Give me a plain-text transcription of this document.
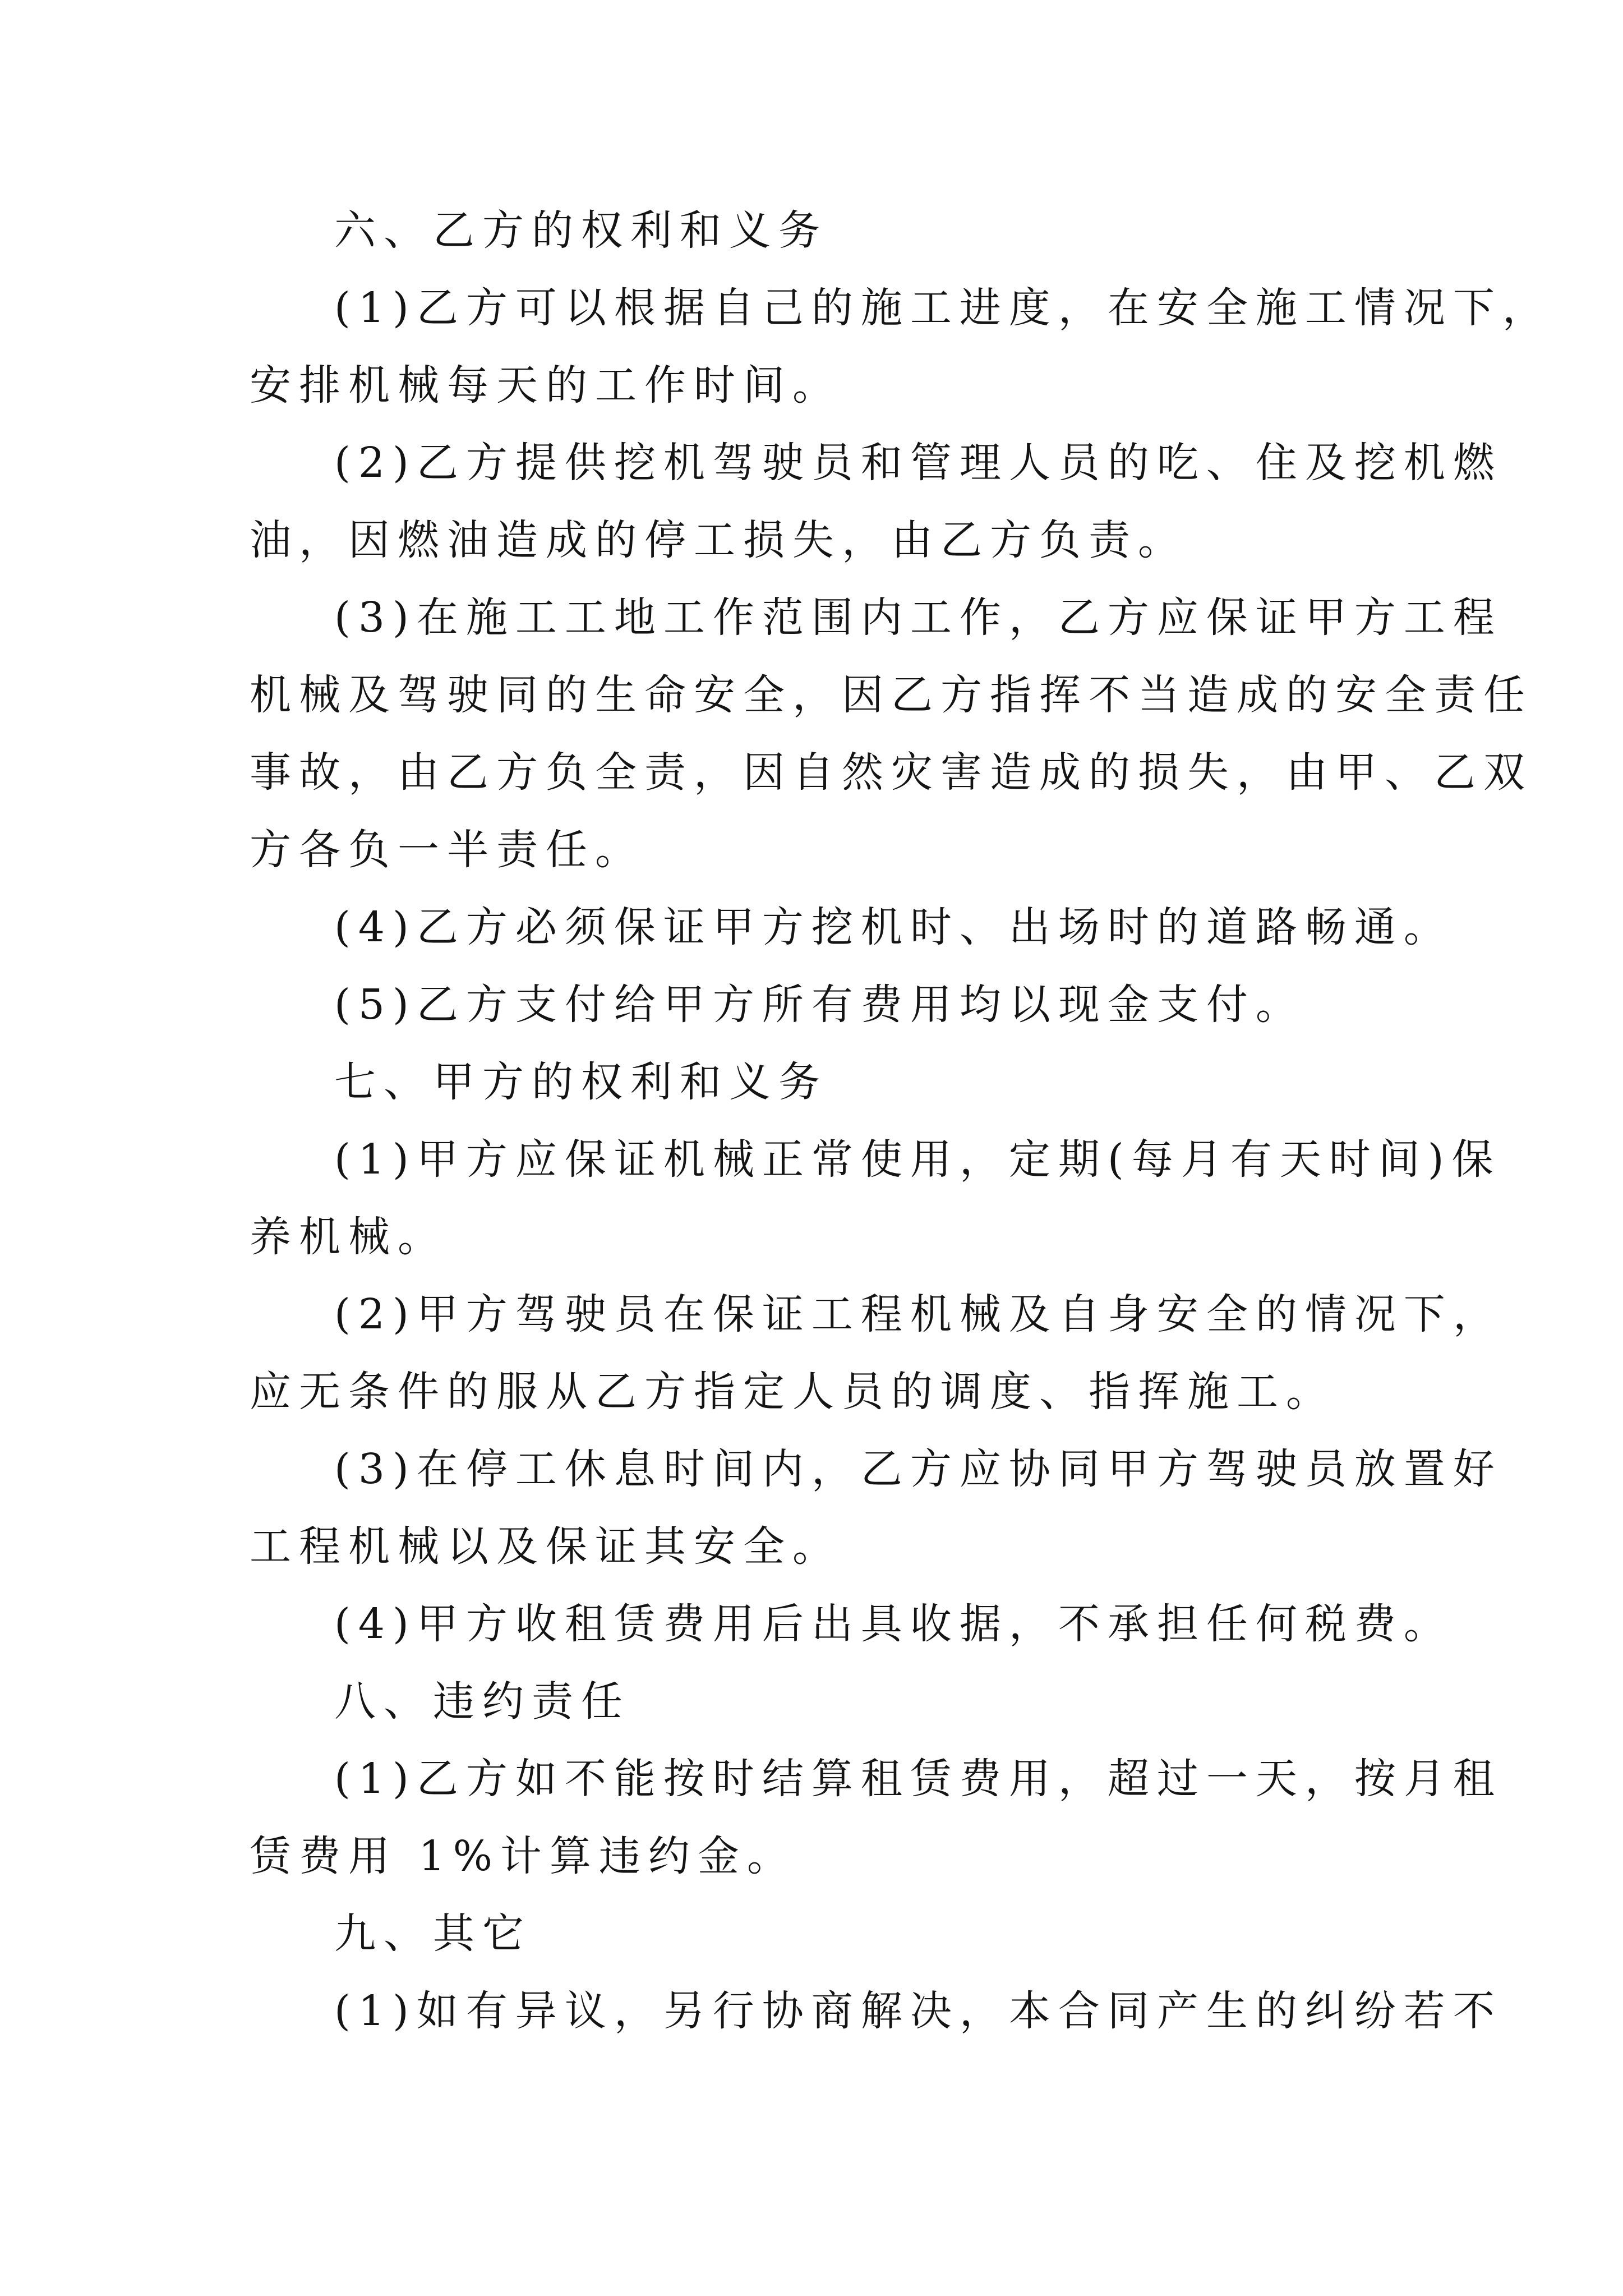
六、乙方的权利和义务
(1)乙方可以根据自己的施工进度，在安全施工情况下，
安排机械每天的工作时间。
(2)乙方提供挖机驾驶员和管理人员的吃、住及挖机燃
油，因燃油造成的停工损失，由乙方负责。
(3)在施工工地工作范围内工作，乙方应保证甲方工程
机械及驾驶同的生命安全，因乙方指挥不当造成的安全责任
事故，由乙方负全责，因自然灾害造成的损失，由甲、乙双
方各负一半责任。
(4)乙方必须保证甲方挖机时、出场时的道路畅通。
(5)乙方支付给甲方所有费用均以现金支付。
七、甲方的权利和义务
(1)甲方应保证机械正常使用，定期(每月有天时间)保
养机械。
(2)甲方驾驶员在保证工程机械及自身安全的情况下，
应无条件的服从乙方指定人员的调度、指挥施工。
(3)在停工休息时间内，乙方应协同甲方驾驶员放置好
工程机械以及保证其安全。
(4)甲方收租赁费用后出具收据，不承担任何税费。
八、违约责任
(1)乙方如不能按时结算租赁费用，超过一天，按月租
赁费用 1%计算违约金。
九、其它
(1)如有异议，另行协商解决，本合同产生的纠纷若不
